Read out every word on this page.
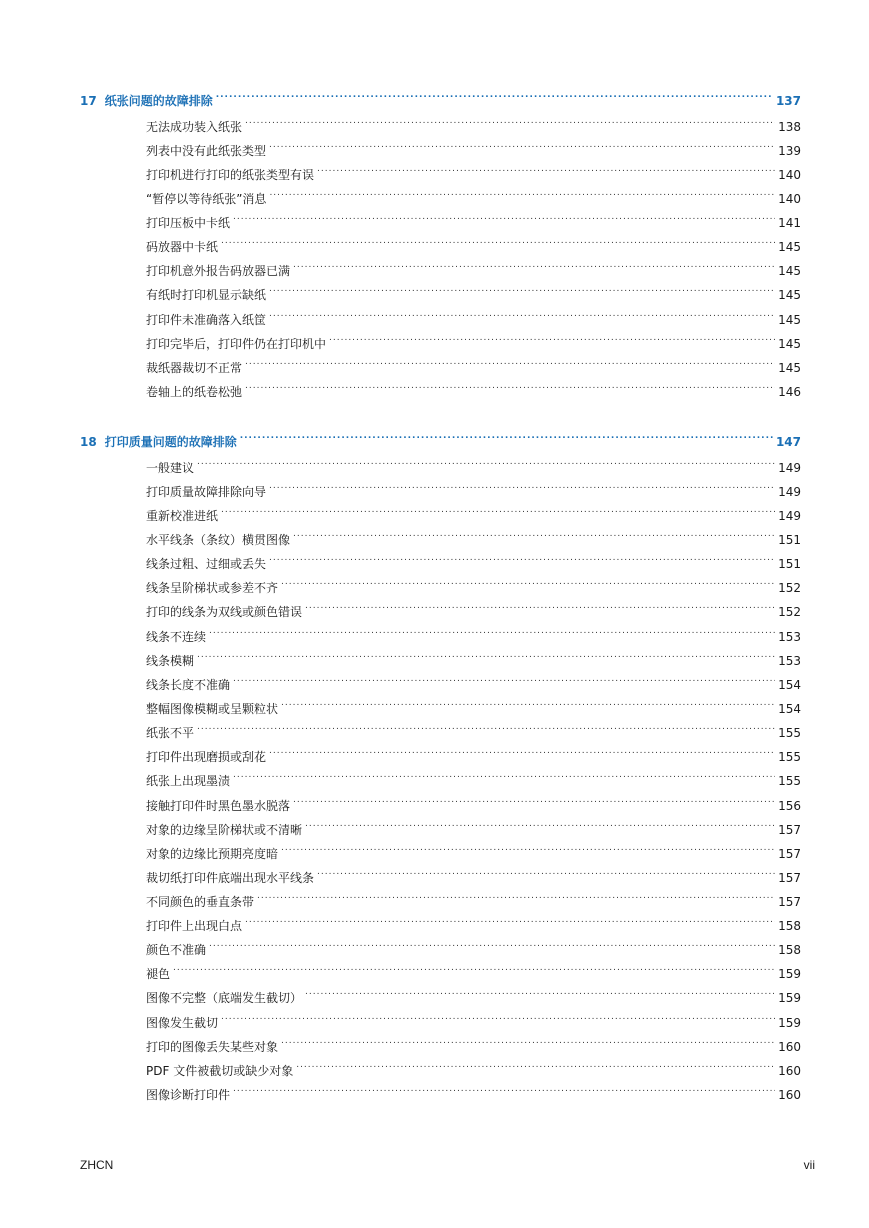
17 纸张问题的故障排除 .....	137
无法成功装入纸张 .....	138
列表中没有此纸张类型 .....	139
打印机进行打印的纸张类型有误 .....	140
“暂停以等待纸张”消息 .....	140
打印压板中卡纸 .....	141
码放器中卡纸 .....	145
打印机意外报告码放器已满 .....	145
有纸时打印机显示缺纸 .....	145
打印件未准确落入纸筐 .....	145
打印完毕后，打印件仍在打印机中 .....	145
裁纸器裁切不正常 .....	145
卷轴上的纸卷松弛 .....	146
18 打印质量问题的故障排除 .....	147
一般建议 .....	149
打印质量故障排除向导 .....	149
重新校准进纸 .....	149
水平线条（条纹）横贯图像 .....	151
线条过粗、过细或丢失 .....	151
线条呈阶梯状或参差不齐 .....	152
打印的线条为双线或颜色错误 .....	152
线条不连续 .....	153
线条模糊 .....	153
线条长度不准确 .....	154
整幅图像模糊或呈颗粒状 .....	154
纸张不平 .....	155
打印件出现磨损或刮花 .....	155
纸张上出现墨渍 .....	155
接触打印件时黑色墨水脱落 .....	156
对象的边缘呈阶梯状或不清晰 .....	157
对象的边缘比预期亮度暗 .....	157
裁切纸打印件底端出现水平线条 .....	157
不同颜色的垂直条带 .....	157
打印件上出现白点 .....	158
颜色不准确 .....	158
褪色 .....	159
图像不完整（底端发生截切） .....	159
图像发生截切 .....	159
打印的图像丢失某些对象 .....	160
PDF 文件被截切或缺少对象 .....	160
图像诊断打印件 .....	160
ZHCN	vii
